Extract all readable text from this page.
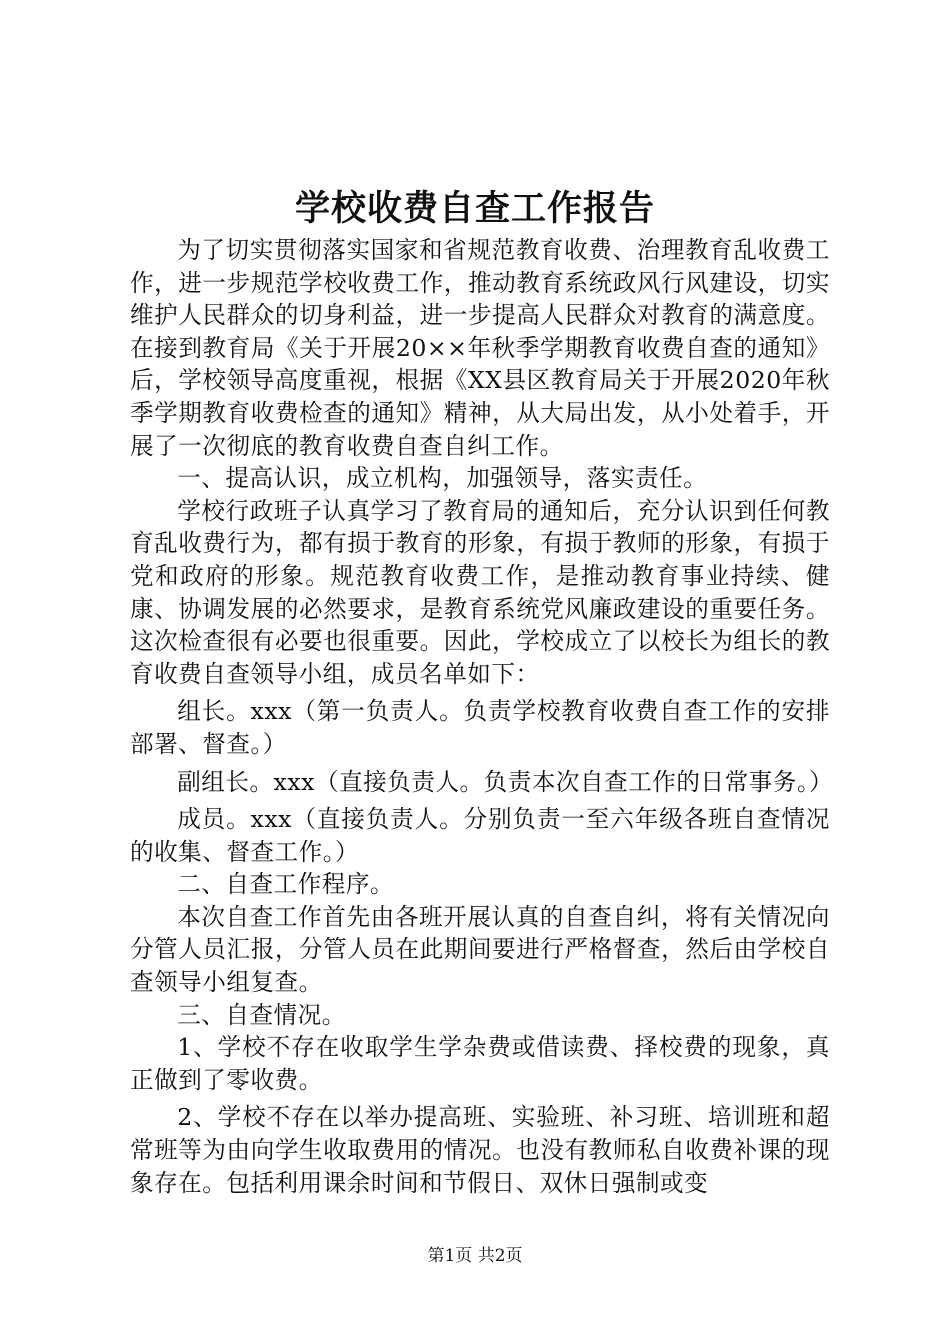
学校收费自查工作报告

为了切实贯彻落实国家和省规范教育收费、治理教育乱收费工作，进一步规范学校收费工作，推动教育系统政风行风建设，切实维护人民群众的切身利益，进一步提高人民群众对教育的满意度。在接到教育局《关于开展20××年秋季学期教育收费自查的通知》后，学校领导高度重视，根据《XX县区教育局关于开展2020年秋季学期教育收费检查的通知》精神，从大局出发，从小处着手，开展了一次彻底的教育收费自查自纠工作。

一、提高认识，成立机构，加强领导，落实责任。

学校行政班子认真学习了教育局的通知后，充分认识到任何教育乱收费行为，都有损于教育的形象，有损于教师的形象，有损于党和政府的形象。规范教育收费工作，是推动教育事业持续、健康、协调发展的必然要求，是教育系统党风廉政建设的重要任务。这次检查很有必要也很重要。因此，学校成立了以校长为组长的教育收费自查领导小组，成员名单如下：

组长。xxx（第一负责人。负责学校教育收费自查工作的安排部署、督查。）

副组长。xxx（直接负责人。负责本次自查工作的日常事务。）

成员。xxx（直接负责人。分别负责一至六年级各班自查情况的收集、督查工作。）

二、自查工作程序。

本次自查工作首先由各班开展认真的自查自纠，将有关情况向分管人员汇报，分管人员在此期间要进行严格督查，然后由学校自查领导小组复查。

三、自查情况。

1、学校不存在收取学生学杂费或借读费、择校费的现象，真正做到了零收费。

2、学校不存在以举办提高班、实验班、补习班、培训班和超常班等为由向学生收取费用的情况。也没有教师私自收费补课的现象存在。包括利用课余时间和节假日、双休日强制或变

第1页 共2页
